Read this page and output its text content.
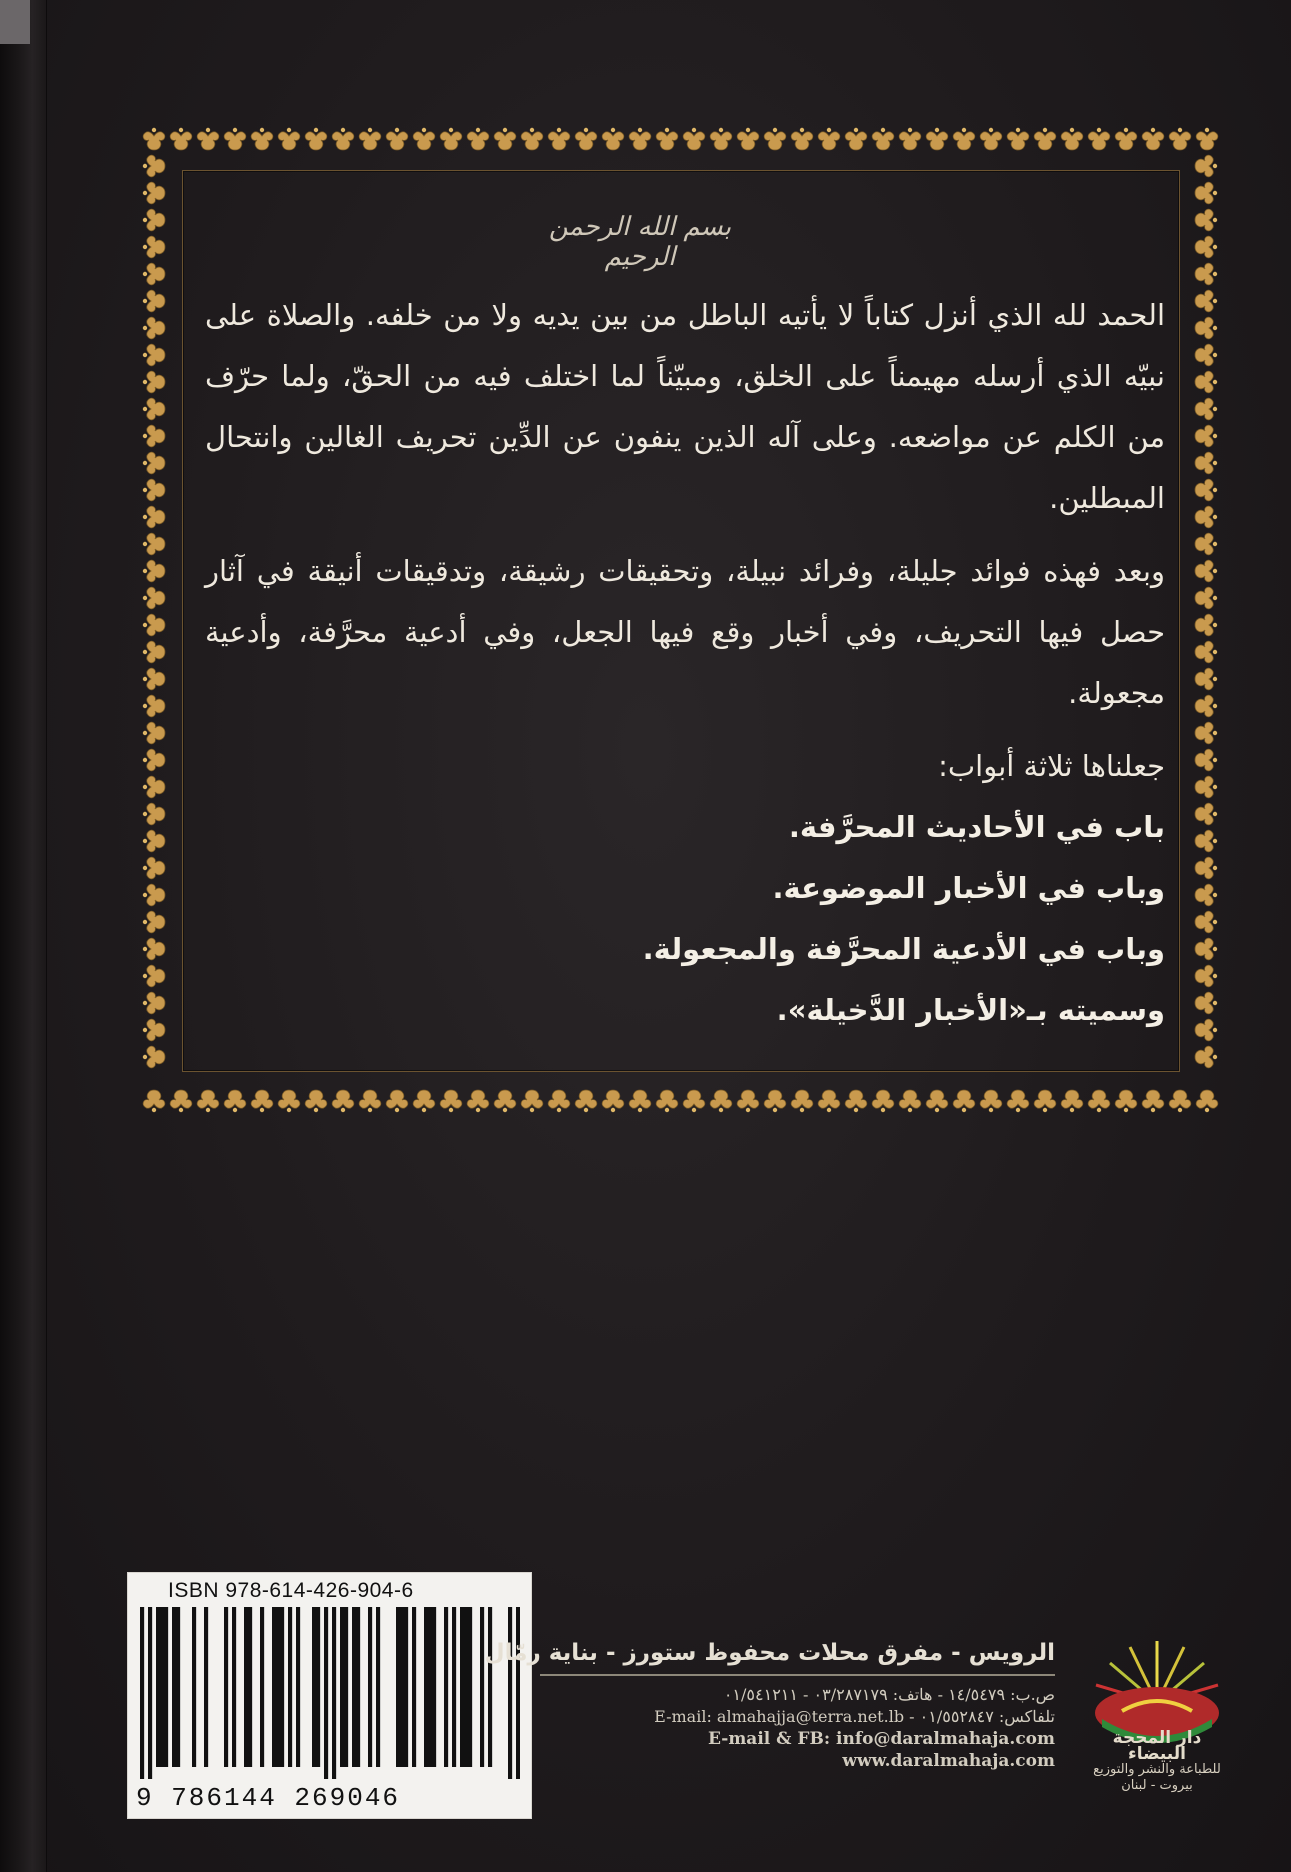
بسم الله الرحمن الرحيم

الحمد لله الذي أنزل كتاباً لا يأتيه الباطل من بين يديه ولا من خلفه. والصلاة على نبيّه الذي أرسله مهيمناً على الخلق، ومبيّناً لما اختلف فيه من الحقّ، ولما حرّف من الكلم عن مواضعه. وعلى آله الذين ينفون عن الدِّين تحريف الغالين وانتحال المبطلين.

وبعد فهذه فوائد جليلة، وفرائد نبيلة، وتحقيقات رشيقة، وتدقيقات أنيقة في آثار حصل فيها التحريف، وفي أخبار وقع فيها الجعل، وفي أدعية محرَّفة، وأدعية مجعولة.

جعلناها ثلاثة أبواب:

باب في الأحاديث المحرَّفة.

وباب في الأخبار الموضوعة.

وباب في الأدعية المحرَّفة والمجعولة.

وسميته بـ«الأخبار الدَّخيلة».

ISBN 978-614-426-904-6
9 786144 269046
الرويس - مفرق محلات محفوظ ستورز - بناية رمّال
ص.ب: ١٤/٥٤٧٩ - هاتف: ٠٣/٢٨٧١٧٩ - ٠١/٥٤١٢١١
تلفاكس: ٠١/٥٥٢٨٤٧ - E-mail: almahajja@terra.net.lb
E-mail & FB: info@daralmahaja.com
www.daralmahaja.com
دار المحجة البيضاء
للطباعة والنشر والتوزيع
بيروت - لبنان
